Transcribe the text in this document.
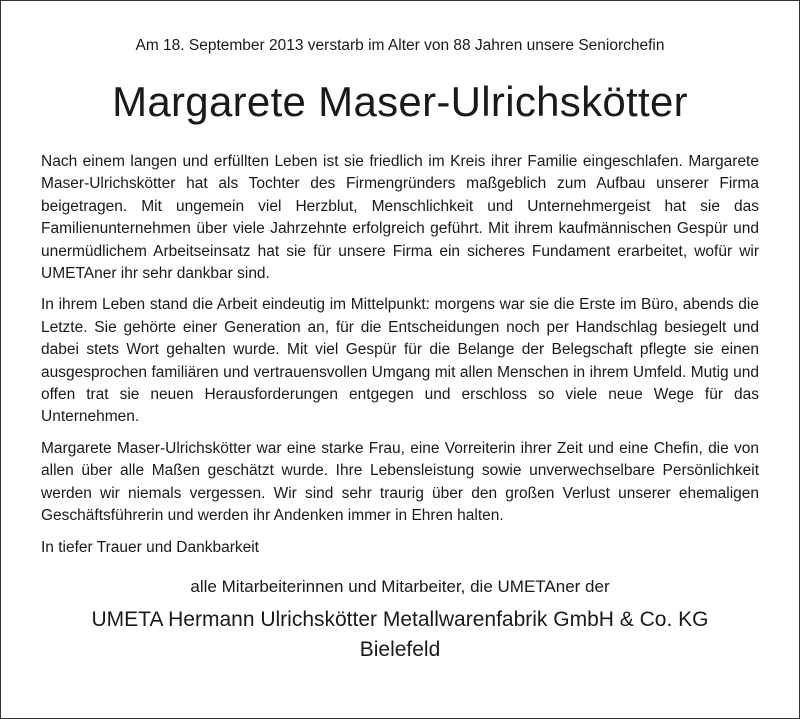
Am 18. September 2013 verstarb im Alter von 88 Jahren unsere Seniorchefin
Margarete Maser-Ulrichskötter

Nach einem langen und erfüllten Leben ist sie friedlich im Kreis ihrer Familie eingeschlafen. Margarete Maser-Ulrichskötter hat als Tochter des Firmengründers maßgeblich zum Aufbau unserer Firma beigetragen. Mit ungemein viel Herzblut, Menschlichkeit und Unternehmergeist hat sie das Familienunternehmen über viele Jahrzehnte erfolgreich geführt. Mit ihrem kaufmännischen Gespür und unermüdlichem Arbeitseinsatz hat sie für unsere Firma ein sicheres Fundament erarbeitet, wofür wir UMETAner ihr sehr dankbar sind.

In ihrem Leben stand die Arbeit eindeutig im Mittelpunkt: morgens war sie die Erste im Büro, abends die Letzte. Sie gehörte einer Generation an, für die Entscheidungen noch per Handschlag besiegelt und dabei stets Wort gehalten wurde. Mit viel Gespür für die Belange der Belegschaft pflegte sie einen ausgesprochen familiären und vertrauensvollen Umgang mit allen Menschen in ihrem Umfeld. Mutig und offen trat sie neuen Herausforderungen entgegen und erschloss so viele neue Wege für das Unternehmen.

Margarete Maser-Ulrichskötter war eine starke Frau, eine Vorreiterin ihrer Zeit und eine Chefin, die von allen über alle Maßen geschätzt wurde. Ihre Lebensleistung sowie unverwechselbare Persönlichkeit werden wir niemals vergessen. Wir sind sehr traurig über den großen Verlust unserer ehemaligen Geschäftsführerin und werden ihr Andenken immer in Ehren halten.

In tiefer Trauer und Dankbarkeit

alle Mitarbeiterinnen und Mitarbeiter, die UMETAner der
UMETA Hermann Ulrichskötter Metallwarenfabrik GmbH & Co. KG
Bielefeld
